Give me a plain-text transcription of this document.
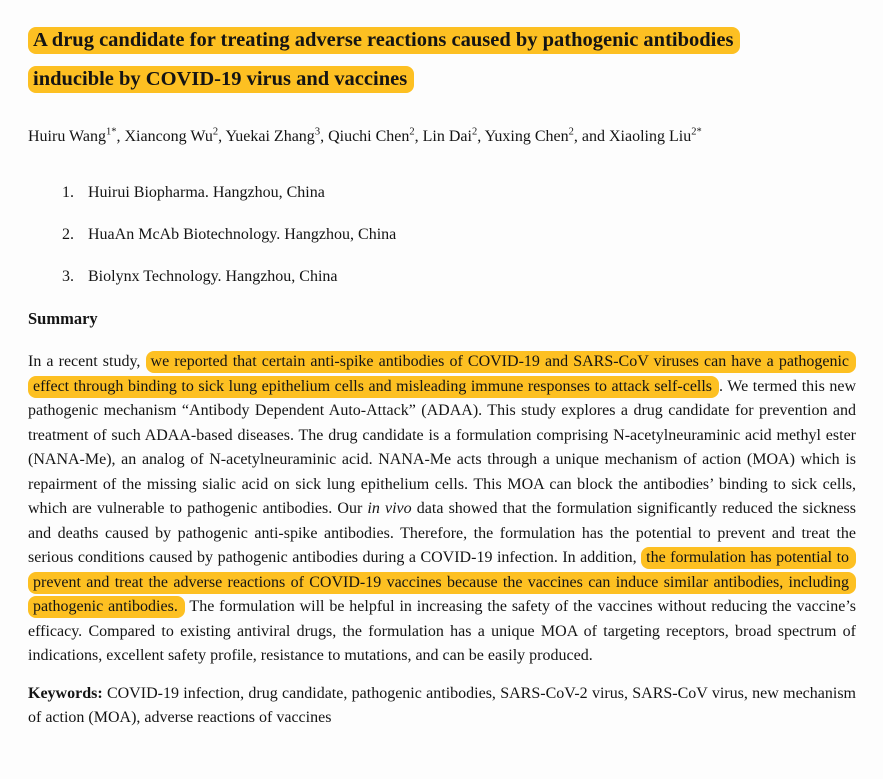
A drug candidate for treating adverse reactions caused by pathogenic antibodies
inducible by COVID-19 virus and vaccines
Huiru Wang$^{1*}$, Xiancong Wu$^2$, Yuekai Zhang$^3$, Qiuchi Chen$^2$, Lin Dai$^2$, Yuxing Chen$^2$, and Xiaoling Liu$^{2*}$
1. Huirui Biopharma. Hangzhou, China
2. HuaAn McAb Biotechnology. Hangzhou, China
3. Biolynx Technology. Hangzhou, China
Summary

In a recent study, we reported that certain anti-spike antibodies of COVID-19 and SARS-CoV viruses can have a pathogenic effect through binding to sick lung epithelium cells and misleading immune responses to attack self-cells . We termed this new pathogenic mechanism “Antibody Dependent Auto-Attack” (ADAA). This study explores a drug candidate for prevention and treatment of such ADAA-based diseases. The drug candidate is a formulation comprising N-acetylneuraminic acid methyl ester (NANA-Me), an analog of N-acetylneuraminic acid. NANA-Me acts through a unique mechanism of action (MOA) which is repairment of the missing sialic acid on sick lung epithelium cells. This MOA can block the antibodies’ binding to sick cells, which are vulnerable to pathogenic antibodies. Our in vivo data showed that the formulation significantly reduced the sickness and deaths caused by pathogenic anti-spike antibodies. Therefore, the formulation has the potential to prevent and treat the serious conditions caused by pathogenic antibodies during a COVID-19 infection. In addition, the formulation has potential to prevent and treat the adverse reactions of COVID-19 vaccines because the vaccines can induce similar antibodies, including pathogenic antibodies. The formulation will be helpful in increasing the safety of the vaccines without reducing the vaccine’s efficacy. Compared to existing antiviral drugs, the formulation has a unique MOA of targeting receptors, broad spectrum of indications, excellent safety profile, resistance to mutations, and can be easily produced.

Keywords: COVID-19 infection, drug candidate, pathogenic antibodies, SARS-CoV-2 virus, SARS-CoV virus, new mechanism of action (MOA), adverse reactions of vaccines
